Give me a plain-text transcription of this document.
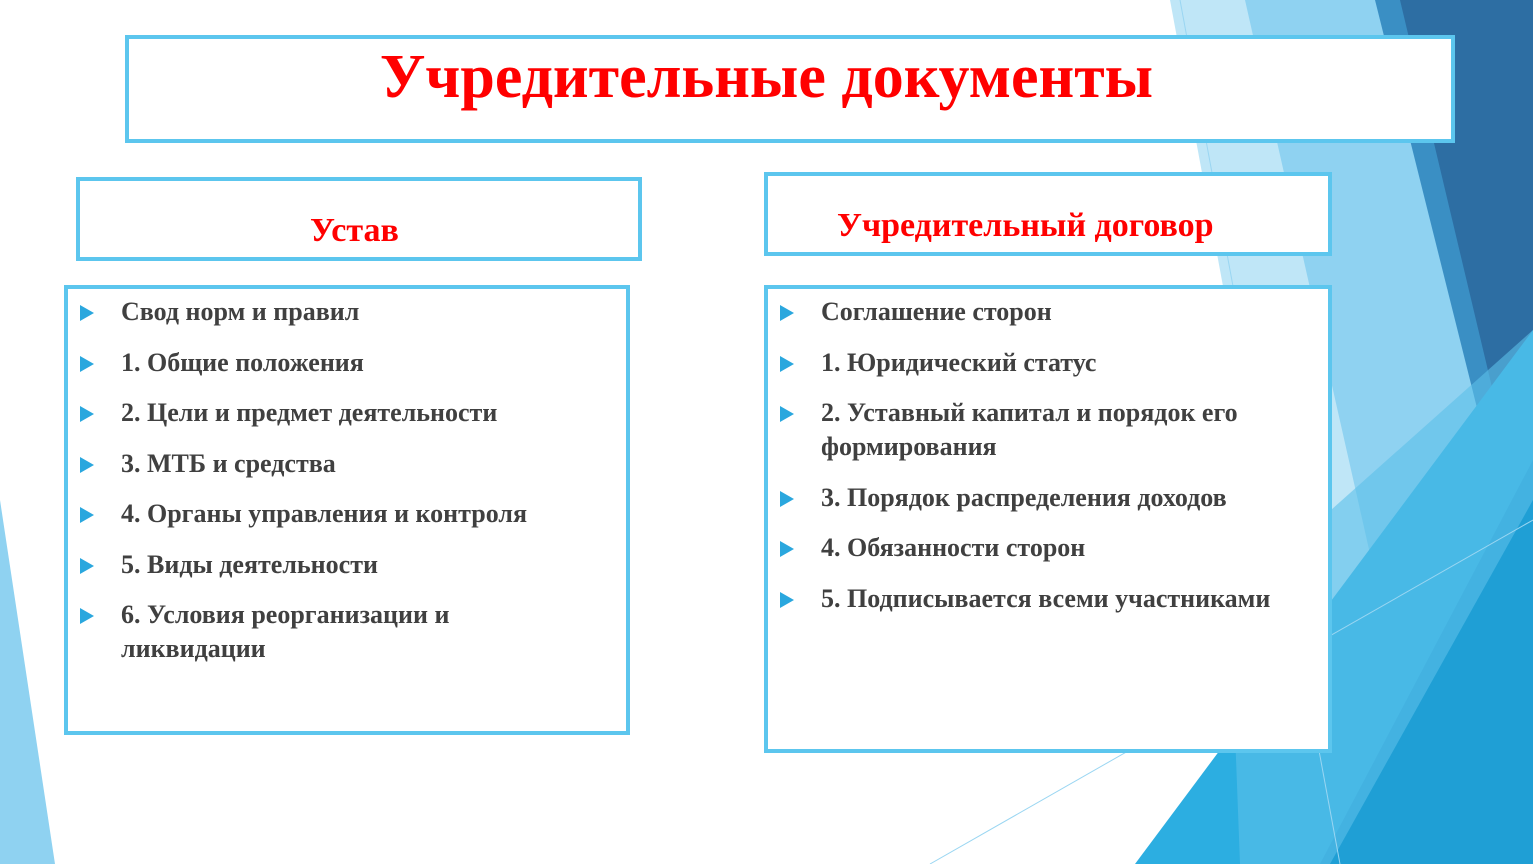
Учредительные документы
Устав	Учредительный договор
Свод норм и правил
1. Общие положения
2. Цели и предмет деятельности
3. МТБ и средства
4. Органы управления и контроля
5. Виды деятельности
6. Условия реорганизации и ликвидации
Соглашение сторон
1. Юридический статус
2. Уставный капитал и порядок его формирования
3. Порядок распределения доходов
4. Обязанности сторон
5. Подписывается всеми участниками
